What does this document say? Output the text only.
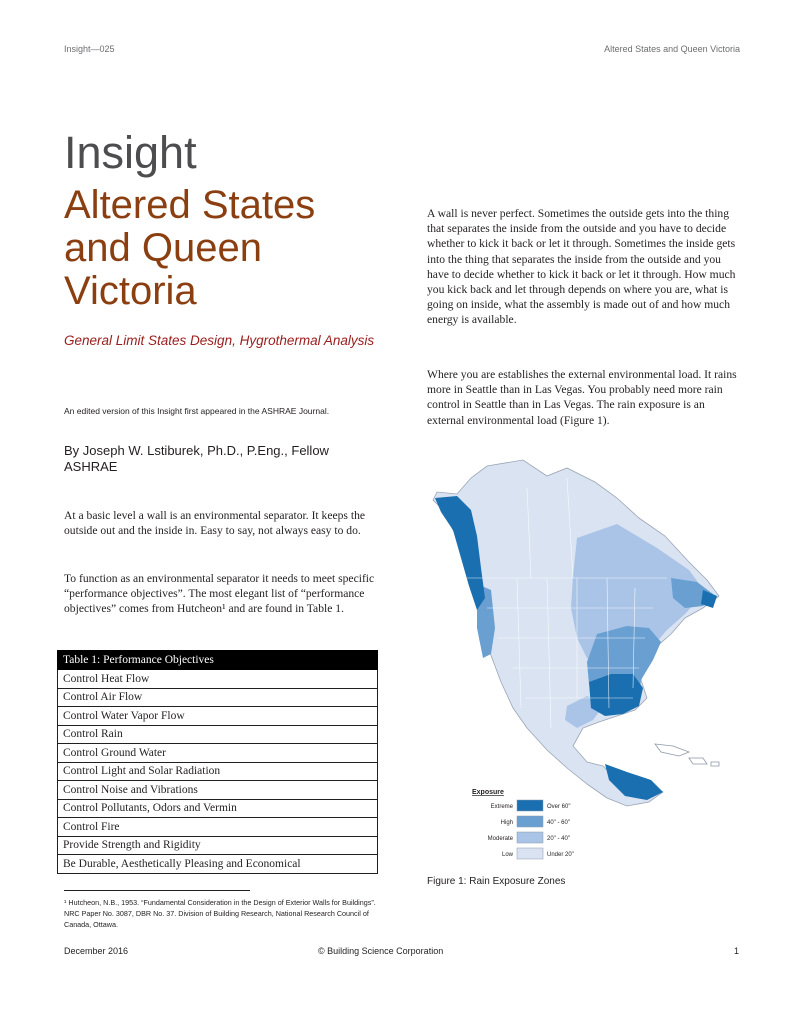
Insight—025	Altered States and Queen Victoria
Insight
Altered States and Queen Victoria
General Limit States Design, Hygrothermal Analysis
An edited version of this Insight first appeared in the ASHRAE Journal.
By Joseph W. Lstiburek, Ph.D., P.Eng., Fellow ASHRAE
At a basic level a wall is an environmental separator. It keeps the outside out and the inside in. Easy to say, not always easy to do.
To function as an environmental separator it needs to meet specific “performance objectives”. The most elegant list of “performance objectives” comes from Hutcheon¹ and are found in Table 1.
Table 1: Performance Objectives
Control Heat Flow
Control Air Flow
Control Water Vapor Flow
Control Rain
Control Ground Water
Control Light and Solar Radiation
Control Noise and Vibrations
Control Pollutants, Odors and Vermin
Control Fire
Provide Strength and Rigidity
Be Durable, Aesthetically Pleasing and Economical
¹ Hutcheon, N.B., 1953. “Fundamental Consideration in the Design of Exterior Walls for Buildings”. NRC Paper No. 3087, DBR No. 37. Division of Building Research, National Research Council of Canada, Ottawa.
A wall is never perfect. Sometimes the outside gets into the thing that separates the inside from the outside and you have to decide whether to kick it back or let it through. Sometimes the inside gets into the thing that separates the inside from the outside and you have to decide whether to kick it back or let it through. How much you kick back and let through depends on where you are, what is going on inside, what the assembly is made out of and how much energy is available.
Where you are establishes the external environmental load. It rains more in Seattle than in Las Vegas. You probably need more rain control in Seattle than in Las Vegas. The rain exposure is an external environmental load (Figure 1).
Exposure
Extreme	Over 60"
High	40" - 60"
Moderate	20" - 40"
Low	Under 20"
Figure 1: Rain Exposure Zones
December 2016	© Building Science Corporation	1
